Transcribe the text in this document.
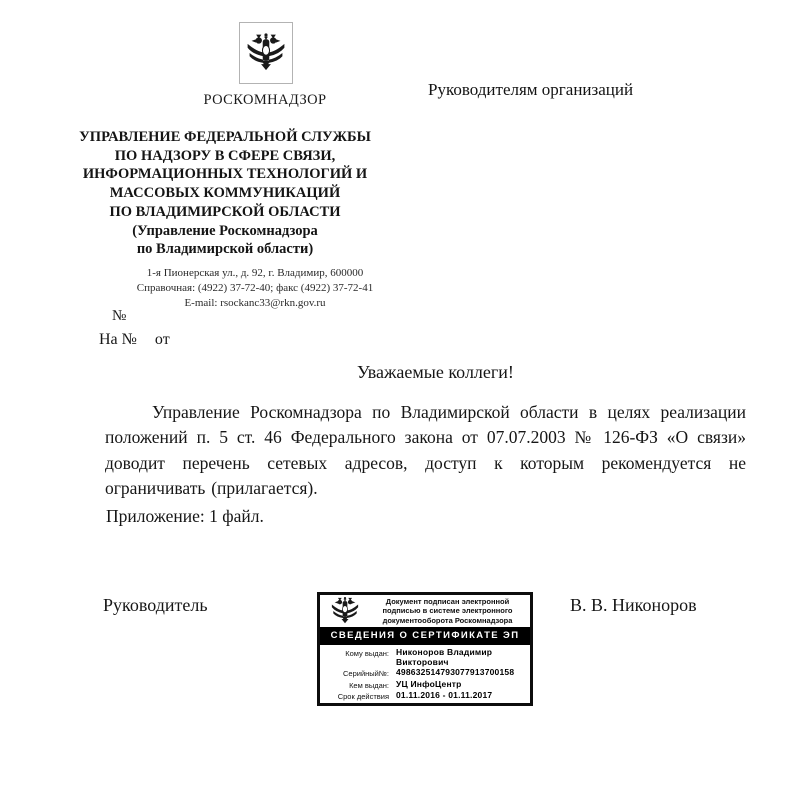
РОСКОМНАДЗОР
Руководителям организаций
УПРАВЛЕНИЕ ФЕДЕРАЛЬНОЙ СЛУЖБЫ
ПО НАДЗОРУ В СФЕРЕ СВЯЗИ,
ИНФОРМАЦИОННЫХ ТЕХНОЛОГИЙ И
МАССОВЫХ КОММУНИКАЦИЙ
ПО ВЛАДИМИРСКОЙ ОБЛАСТИ
(Управление Роскомнадзора
по Владимирской области)
1-я Пионерская ул., д. 92, г. Владимир, 600000
Справочная: (4922) 37-72-40; факс (4922) 37-72-41
E-mail: rsockanc33@rkn.gov.ru
№
На № от
Уважаемые коллеги!

Управление Роскомнадзора по Владимирской области в целях реализации положений п. 5 ст. 46 Федерального закона от 07.07.2003 № 126-ФЗ «О связи» доводит перечень сетевых адресов, доступ к которым рекомендуется не ограничивать (прилагается).

Приложение: 1 файл.
Руководитель	В. В. Никоноров
Документ подписан электронной
подписью в системе электронного
документооборота Роскомнадзора
СВЕДЕНИЯ О СЕРТИФИКАТЕ ЭП
Кому выдан: Никоноров Владимир Викторович
Серийный№: 498632514793077913700158
Кем выдан: УЦ ИнфоЦентр
Срок действия 01.11.2016 - 01.11.2017
